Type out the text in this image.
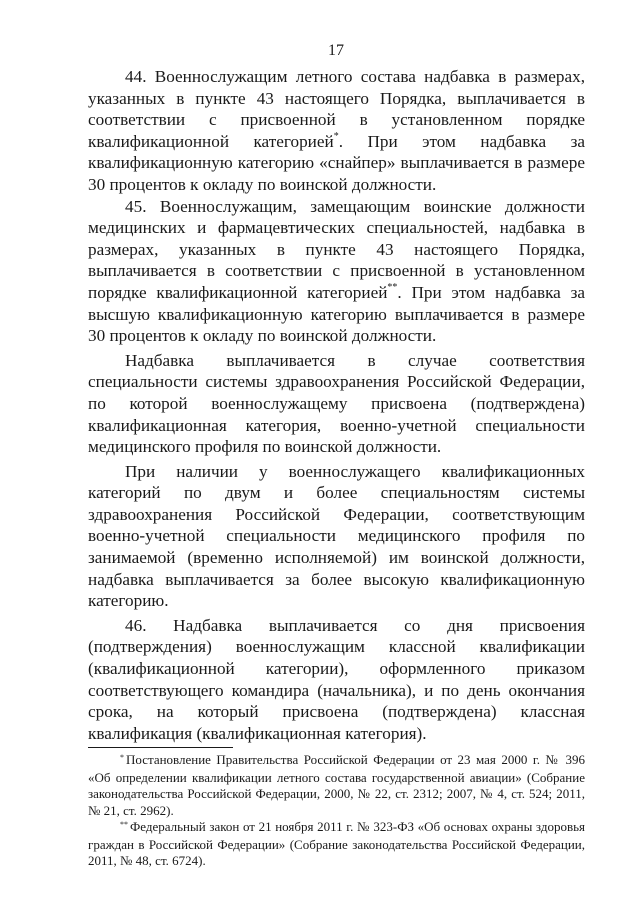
17

44. Военнослужащим летного состава надбавка в размерах, указанных в пункте 43 настоящего Порядка, выплачивается в соответствии с присвоенной в установленном порядке квалификационной категорией*. При этом надбавка за квалификационную категорию «снайпер» выплачивается в размере 30 процентов к окладу по воинской должности.

45. Военнослужащим, замещающим воинские должности медицинских и фармацевтических специальностей, надбавка в размерах, указанных в пункте 43 настоящего Порядка, выплачивается в соответствии с присвоенной в установленном порядке квалификационной категорией**. При этом надбавка за высшую квалификационную категорию выплачивается в размере 30 процентов к окладу по воинской должности.

Надбавка выплачивается в случае соответствия специальности системы здравоохранения Российской Федерации, по которой военнослужащему присвоена (подтверждена) квалификационная категория, военно-учетной специальности медицинского профиля по воинской должности.

При наличии у военнослужащего квалификационных категорий по двум и более специальностям системы здравоохранения Российской Федерации, соответствующим военно-учетной специальности медицинского профиля по занимаемой (временно исполняемой) им воинской должности, надбавка выплачивается за более высокую квалификационную категорию.

46. Надбавка выплачивается со дня присвоения (подтверждения) военнослужащим классной квалификации (квалификационной категории), оформленного приказом соответствующего командира (начальника), и по день окончания срока, на который присвоена (подтверждена) классная квалификация (квалификационная категория).

* Постановление Правительства Российской Федерации от 23 мая 2000 г. № 396 «Об определении квалификации летного состава государственной авиации» (Собрание законодательства Российской Федерации, 2000, № 22, ст. 2312; 2007, № 4, ст. 524; 2011, № 21, ст. 2962).

** Федеральный закон от 21 ноября 2011 г. № 323-ФЗ «Об основах охраны здоровья граждан в Российской Федерации» (Собрание законодательства Российской Федерации, 2011, № 48, ст. 6724).
